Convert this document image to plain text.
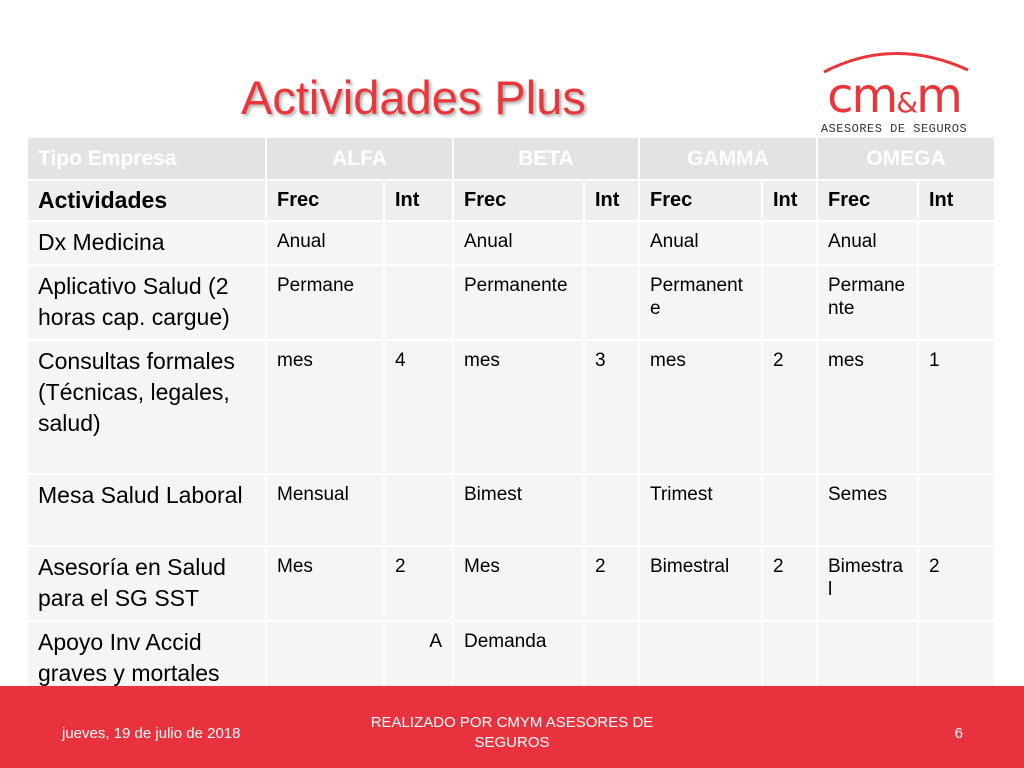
Actividades Plus	cm&m
ASESORES DE SEGUROS
Tipo Empresa	ALFA		BETA		GAMMA		OMEGA	
Actividades	Frec	Int	Frec	Int	Frec	Int	Frec	Int
Dx Medicina	Anual		Anual		Anual		Anual	
Aplicativo Salud (2 horas cap. cargue)	Permane		Permanente		Permanente		Permanente	
Consultas formales (Técnicas, legales, salud)	mes	4	mes	3	mes	2	mes	1
Mesa Salud Laboral	Mensual		Bimest		Trimest		Semes	
Asesoría en Salud para el SG SST	Mes	2	Mes	2	Bimestral	2	Bimestral	2
Apoyo Inv Accid graves y mortales		A	Demanda					
jueves, 19 de julio de 2018
REALIZADO POR CMYM ASESORES DE SEGUROS
6
